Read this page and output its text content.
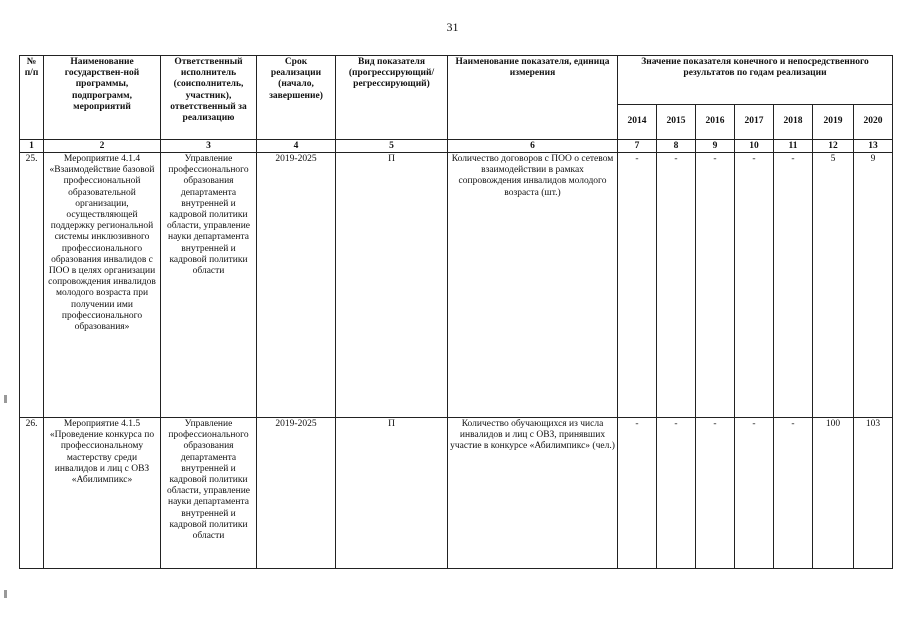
31
№
п/п	Наименование государствен-ной программы, подпрограмм, мероприятий	Ответственный исполнитель (соисполнитель, участник), ответственный за реализацию	Срок реализации (начало, завершение)	Вид показателя (прогрессирующий/ регрессирующий)	Наименование показателя, единица измерения	Значение показателя конечного и непосредственного результатов по годам реализации						
						2014	2015	2016	2017	2018	2019	2020
1	2	3	4	5	6	7	8	9	10	11	12	13
25.	Мероприятие 4.1.4 «Взаимодействие базовой профессиональной образовательной организации, осуществляющей поддержку региональной системы инклюзивного профессионального образования инвалидов с ПОО в целях организации сопровождения инвалидов молодого возраста при получении ими профессионального образования»	Управление профессионального образования департамента внутренней и кадровой политики области, управление науки департамента внутренней и кадровой политики области	2019-2025	П	Количество договоров с ПОО о сетевом взаимодействии в рамках сопровождения инвалидов молодого возраста (шт.)	-	-	-	-	-	5	9
26.	Мероприятие 4.1.5 «Проведение конкурса по профессиональному мастерству среди инвалидов и лиц с ОВЗ «Абилимпикс»	Управление профессионального образования департамента внутренней и кадровой политики области, управление науки департамента внутренней и кадровой политики области	2019-2025	П	Количество обучающихся из числа инвалидов и лиц с ОВЗ, принявших участие в конкурсе «Абилимпикс» (чел.)	-	-	-	-	-	100	103
